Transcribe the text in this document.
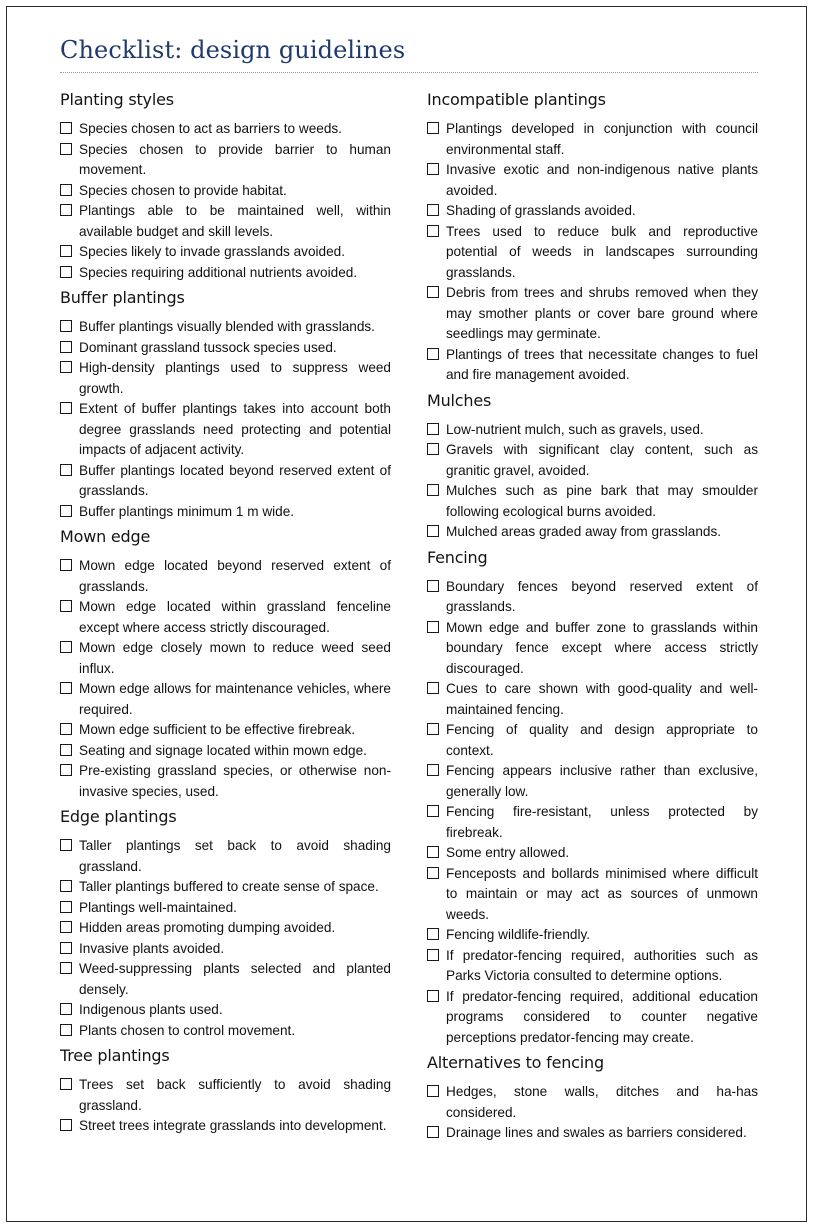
Checklist: design guidelines
Planting styles
Species chosen to act as barriers to weeds.
Species chosen to provide barrier to human movement.
Species chosen to provide habitat.
Plantings able to be maintained well, within available budget and skill levels.
Species likely to invade grasslands avoided.
Species requiring additional nutrients avoided.
Buffer plantings
Buffer plantings visually blended with grasslands.
Dominant grassland tussock species used.
High-density plantings used to suppress weed growth.
Extent of buffer plantings takes into account both degree grasslands need protecting and potential impacts of adjacent activity.
Buffer plantings located beyond reserved extent of grasslands.
Buffer plantings minimum 1 m wide.
Mown edge
Mown edge located beyond reserved extent of grasslands.
Mown edge located within grassland fenceline except where access strictly discouraged.
Mown edge closely mown to reduce weed seed influx.
Mown edge allows for maintenance vehicles, where required.
Mown edge sufficient to be effective firebreak.
Seating and signage located within mown edge.
Pre-existing grassland species, or otherwise non-invasive species, used.
Edge plantings
Taller plantings set back to avoid shading grassland.
Taller plantings buffered to create sense of space.
Plantings well-maintained.
Hidden areas promoting dumping avoided.
Invasive plants avoided.
Weed-suppressing plants selected and planted densely.
Indigenous plants used.
Plants chosen to control movement.
Tree plantings
Trees set back sufficiently to avoid shading grassland.
Street trees integrate grasslands into development.
Incompatible plantings
Plantings developed in conjunction with council environmental staff.
Invasive exotic and non-indigenous native plants avoided.
Shading of grasslands avoided.
Trees used to reduce bulk and reproductive potential of weeds in landscapes surrounding grasslands.
Debris from trees and shrubs removed when they may smother plants or cover bare ground where seedlings may germinate.
Plantings of trees that necessitate changes to fuel and fire management avoided.
Mulches
Low-nutrient mulch, such as gravels, used.
Gravels with significant clay content, such as granitic gravel, avoided.
Mulches such as pine bark that may smoulder following ecological burns avoided.
Mulched areas graded away from grasslands.
Fencing
Boundary fences beyond reserved extent of grasslands.
Mown edge and buffer zone to grasslands within boundary fence except where access strictly discouraged.
Cues to care shown with good-quality and well-maintained fencing.
Fencing of quality and design appropriate to context.
Fencing appears inclusive rather than exclusive, generally low.
Fencing fire-resistant, unless protected by firebreak.
Some entry allowed.
Fenceposts and bollards minimised where difficult to maintain or may act as sources of unmown weeds.
Fencing wildlife-friendly.
If predator-fencing required, authorities such as Parks Victoria consulted to determine options.
If predator-fencing required, additional education programs considered to counter negative perceptions predator-fencing may create.
Alternatives to fencing
Hedges, stone walls, ditches and ha-has considered.
Drainage lines and swales as barriers considered.
